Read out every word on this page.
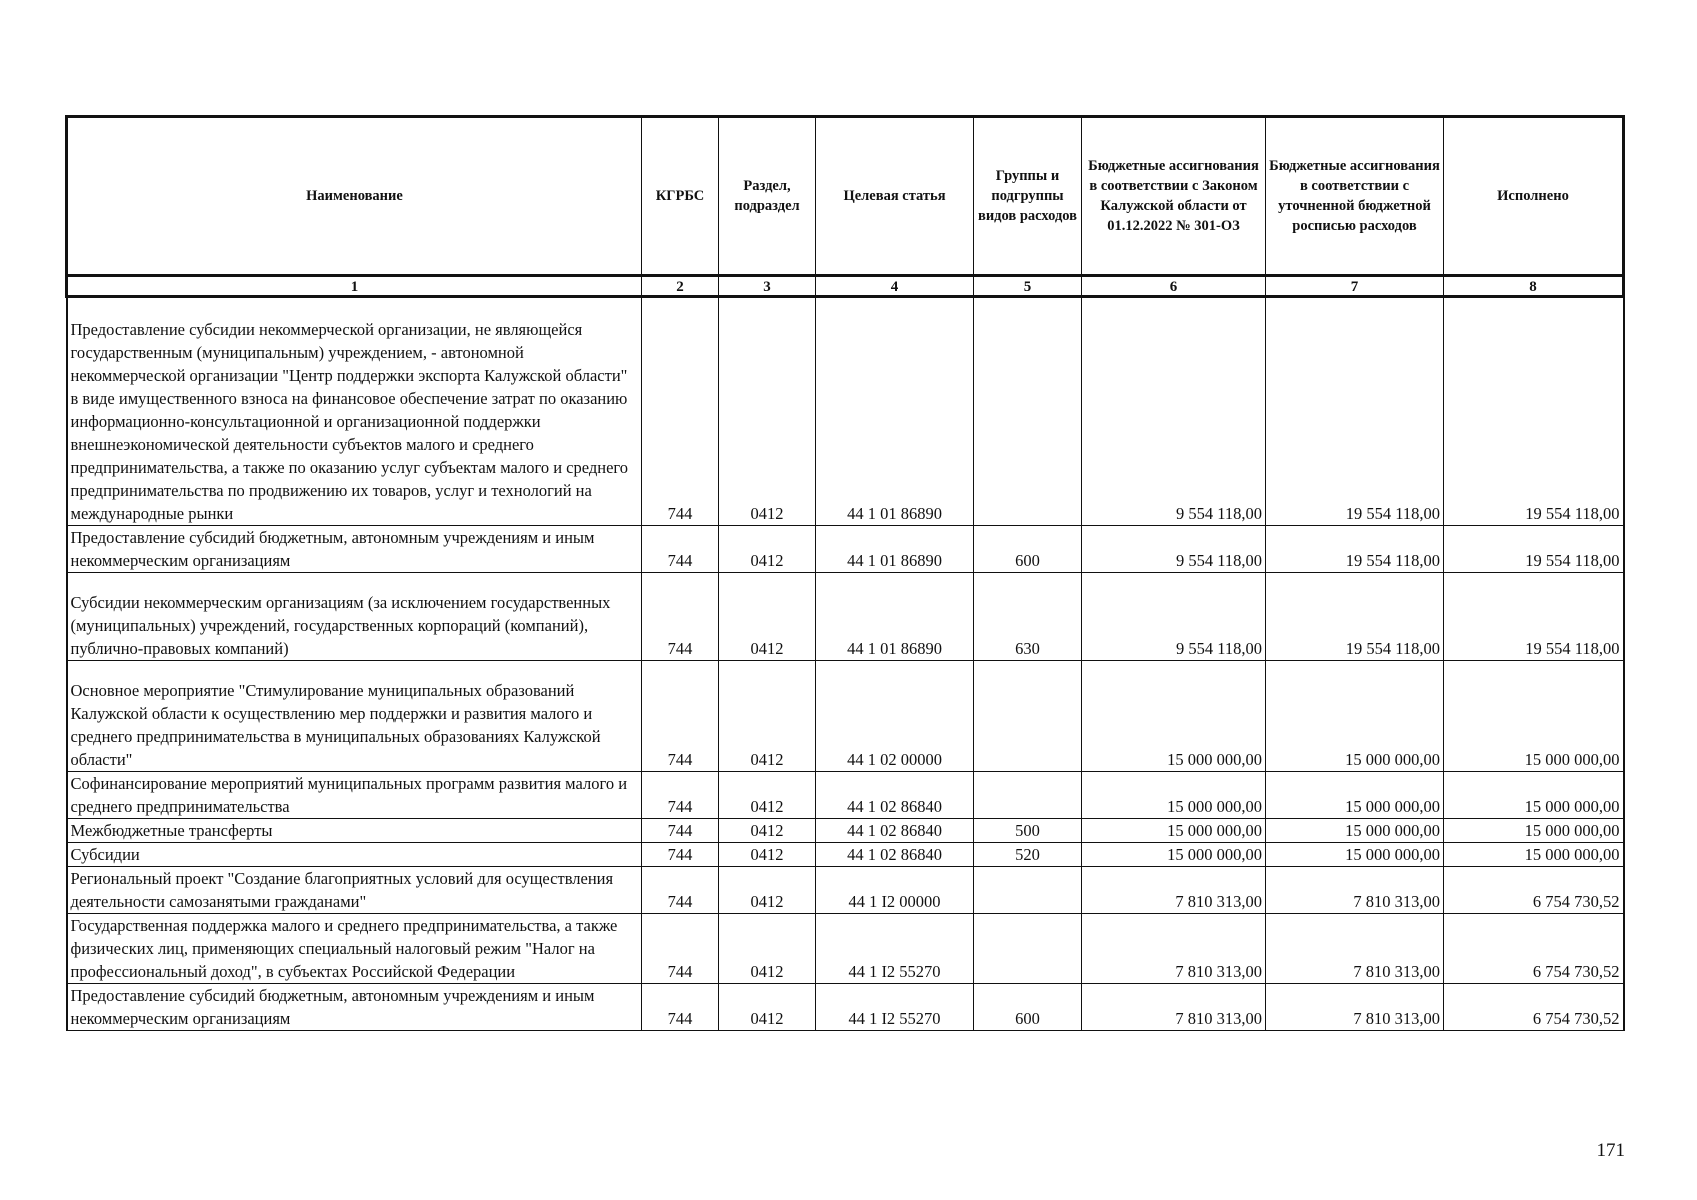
Наименование	КГРБС	Раздел, подраздел	Целевая статья	Группы и подгруппы видов расходов	Бюджетные ассигнования в соответствии с Законом Калужской области от 01.12.2022 № 301-ОЗ	Бюджетные ассигнования в соответствии с уточненной бюджетной росписью расходов	Исполнено
1	2	3	4	5	6	7	8
Предоставление субсидии некоммерческой организации, не являющейся государственным (муниципальным) учреждением, - автономной некоммерческой организации "Центр поддержки экспорта Калужской области" в виде имущественного взноса на финансовое обеспечение затрат по оказанию информационно-консультационной и организационной поддержки внешнеэкономической деятельности субъектов малого и среднего предпринимательства, а также по оказанию услуг субъектам малого и среднего предпринимательства по продвижению их товаров, услуг и технологий на международные рынки	744	0412	44 1 01 86890		9 554 118,00	19 554 118,00	19 554 118,00
Предоставление субсидий бюджетным, автономным учреждениям и иным некоммерческим организациям	744	0412	44 1 01 86890	600	9 554 118,00	19 554 118,00	19 554 118,00
Субсидии некоммерческим организациям (за исключением государственных (муниципальных) учреждений, государственных корпораций (компаний), публично-правовых компаний)	744	0412	44 1 01 86890	630	9 554 118,00	19 554 118,00	19 554 118,00
Основное мероприятие "Стимулирование муниципальных образований Калужской области к осуществлению мер поддержки и развития малого и среднего предпринимательства в муниципальных образованиях Калужской области"	744	0412	44 1 02 00000		15 000 000,00	15 000 000,00	15 000 000,00
Софинансирование мероприятий муниципальных программ развития малого и среднего предпринимательства	744	0412	44 1 02 86840		15 000 000,00	15 000 000,00	15 000 000,00
Межбюджетные трансферты	744	0412	44 1 02 86840	500	15 000 000,00	15 000 000,00	15 000 000,00
Субсидии	744	0412	44 1 02 86840	520	15 000 000,00	15 000 000,00	15 000 000,00
Региональный проект "Создание благоприятных условий для осуществления деятельности самозанятыми гражданами"	744	0412	44 1 I2 00000		7 810 313,00	7 810 313,00	6 754 730,52
Государственная поддержка малого и среднего предпринимательства, а также физических лиц, применяющих специальный налоговый режим "Налог на профессиональный доход", в субъектах Российской Федерации	744	0412	44 1 I2 55270		7 810 313,00	7 810 313,00	6 754 730,52
Предоставление субсидий бюджетным, автономным учреждениям и иным некоммерческим организациям	744	0412	44 1 I2 55270	600	7 810 313,00	7 810 313,00	6 754 730,52
171
